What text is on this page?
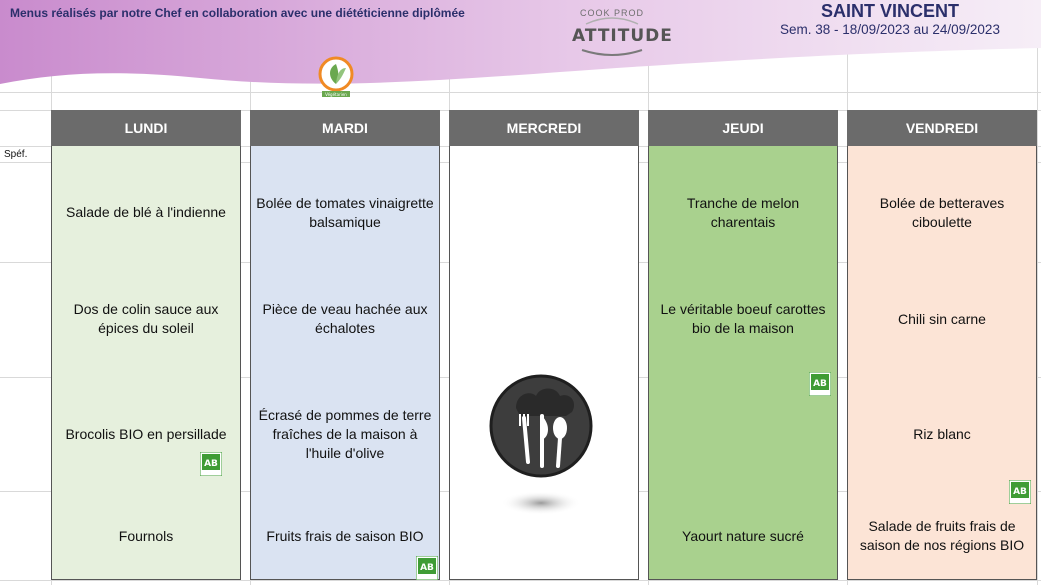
Menus réalisés par notre Chef en collaboration avec une diététicienne diplômée	COOK PROD
ATTITUDE
SAINT VINCENT
Sem. 38 - 18/09/2023 au 24/09/2023
Végétarien
Spéf.
LUNDI
Salade de blé à l'indienne
Dos de colin sauce aux épices du soleil
Brocolis BIO en persillade
Fournols
AB
MARDI
Bolée de tomates vinaigrette balsamique
Pièce de veau hachée aux échalotes
Écrasé de pommes de terre fraîches de la maison à l'huile d'olive
Fruits frais de saison BIO
AB
MERCREDI	JEUDI
Tranche de melon charentais
Le véritable boeuf carottes bio de la maison
Yaourt nature sucré
AB
VENDREDI
Bolée de betteraves ciboulette
Chili sin carne
Riz blanc
Salade de fruits frais de saison de nos régions BIO
AB
